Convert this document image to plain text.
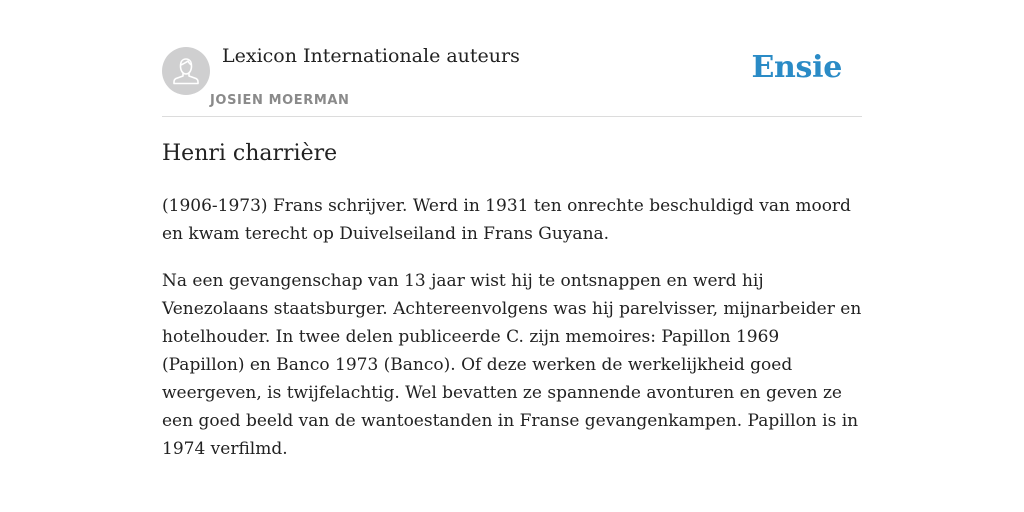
Lexicon Internationale auteurs
JOSIEN MOERMAN
Ensie
Henri charrière

(1906-1973) Frans schrijver. Werd in 1931 ten onrechte beschuldigd van moord en kwam terecht op Duivelseiland in Frans Guyana.

Na een gevangenschap van 13 jaar wist hij te ontsnappen en werd hij Venezolaans staatsburger. Achtereenvolgens was hij parelvisser, mijnarbeider en hotelhouder. In twee delen publiceerde C. zijn memoires: Papillon 1969 (Papillon) en Banco 1973 (Banco). Of deze werken de werkelijkheid goed weergeven, is twijfelachtig. Wel bevatten ze spannende avonturen en geven ze een goed beeld van de wantoestanden in Franse gevangenkampen. Papillon is in 1974 verfilmd.
